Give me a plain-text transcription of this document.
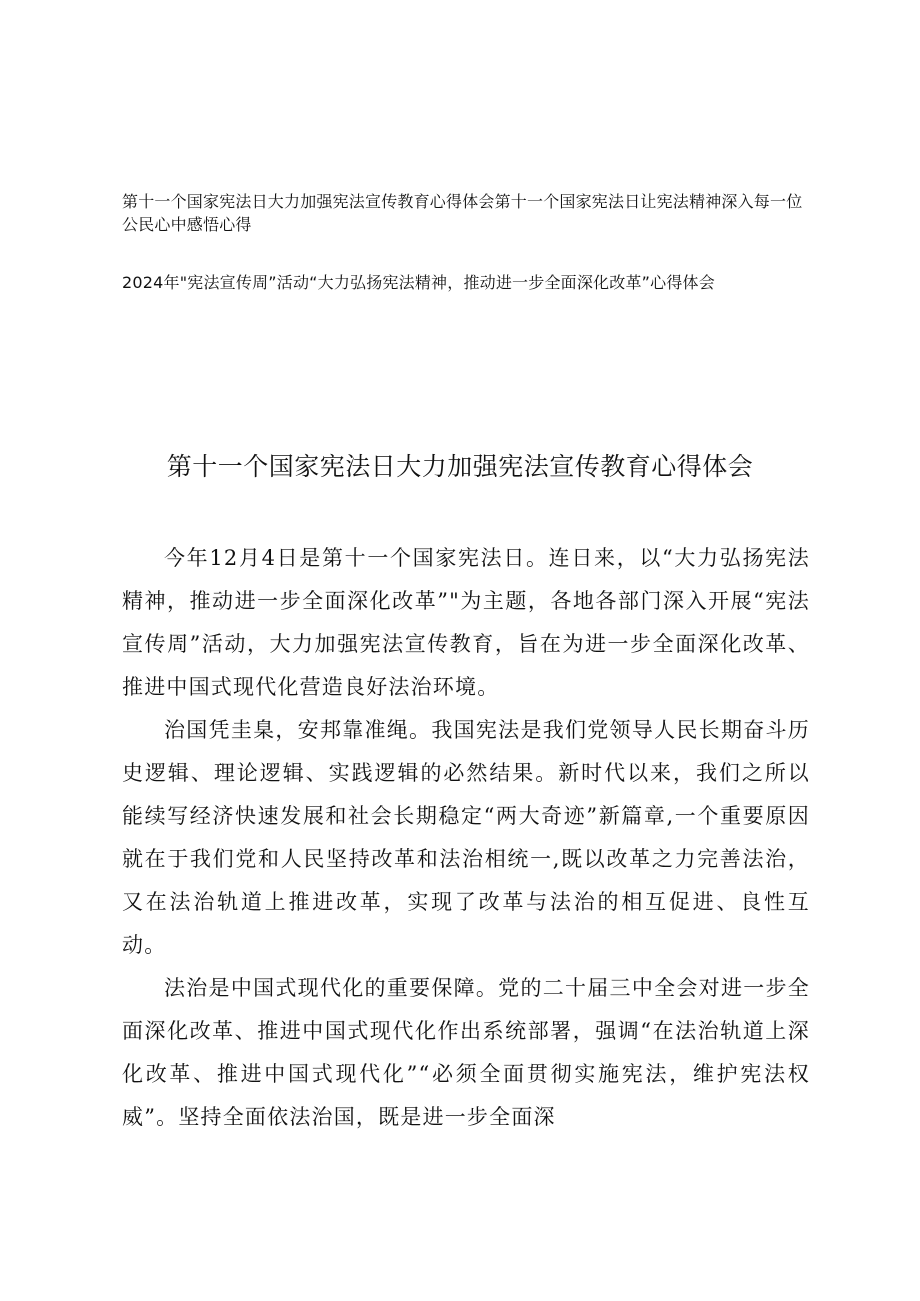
第十一个国家宪法日大力加强宪法宣传教育心得体会第十一个国家宪法日让宪法精神深入每一位公民心中感悟心得

2024年"宪法宣传周”活动“大力弘扬宪法精神，推动进一步全面深化改革”心得体会

第十一个国家宪法日大力加强宪法宣传教育心得体会

今年12月4日是第十一个国家宪法日。连日来，以“大力弘扬宪法精神，推动进一步全面深化改革”"为主题，各地各部门深入开展“宪法宣传周”活动，大力加强宪法宣传教育，旨在为进一步全面深化改革、推进中国式现代化营造良好法治环境。

治国凭圭臬，安邦靠准绳。我国宪法是我们党领导人民长期奋斗历史逻辑、理论逻辑、实践逻辑的必然结果。新时代以来，我们之所以能续写经济快速发展和社会长期稳定“两大奇迹”新篇章,一个重要原因就在于我们党和人民坚持改革和法治相统一,既以改革之力完善法治，又在法治轨道上推进改革，实现了改革与法治的相互促进、良性互动。

法治是中国式现代化的重要保障。党的二十届三中全会对进一步全面深化改革、推进中国式现代化作出系统部署，强调“在法治轨道上深化改革、推进中国式现代化”“必须全面贯彻实施宪法，维护宪法权威”。坚持全面依法治国，既是进一步全面深
